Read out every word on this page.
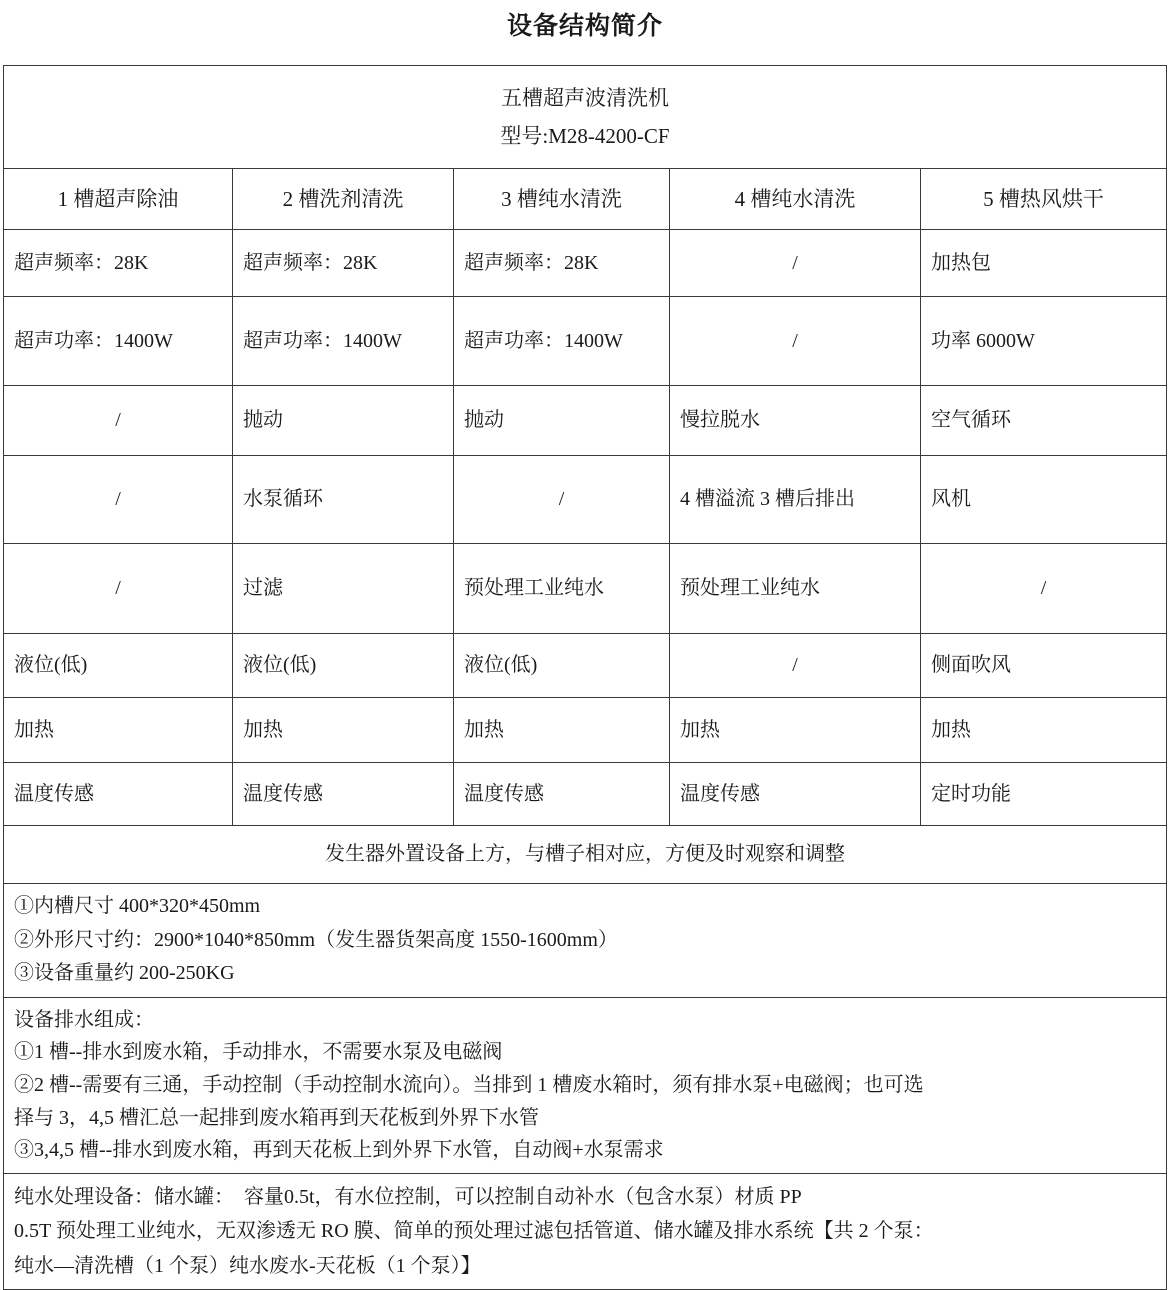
设备结构简介
五槽超声波清洗机
型号:M28-4200-CF				

1 槽超声除油	2 槽洗剂清洗	3 槽纯水清洗	4 槽纯水清洗	5 槽热风烘干
超声频率：28K	超声频率：28K	超声频率：28K	/	加热包
超声功率：1400W	超声功率：1400W	超声功率：1400W	/	功率 6000W
/	抛动	抛动	慢拉脱水	空气循环
/	水泵循环	/	4 槽溢流 3 槽后排出	风机
/	过滤	预处理工业纯水	预处理工业纯水	/
液位(低)	液位(低)	液位(低)	/	侧面吹风
加热	加热	加热	加热	加热
温度传感	温度传感	温度传感	温度传感	定时功能
发生器外置设备上方，与槽子相对应，方便及时观察和调整				

①内槽尺寸 400*320*450mm
②外形尺寸约：2900*1040*850mm（发生器货架高度 1550-1600mm）
③设备重量约 200-250KG				

设备排水组成：
①1 槽--排水到废水箱，手动排水，不需要水泵及电磁阀
②2 槽--需要有三通，手动控制（手动控制水流向）。当排到 1 槽废水箱时，须有排水泵+电磁阀；也可选
择与 3，4,5 槽汇总一起排到废水箱再到天花板到外界下水管
③3,4,5 槽--排水到废水箱，再到天花板上到外界下水管，自动阀+水泵需求				

纯水处理设备：储水罐：  容量0.5t，有水位控制，可以控制自动补水（包含水泵）材质 PP
0.5T 预处理工业纯水，无双渗透无 RO 膜、简单的预处理过滤包括管道、储水罐及排水系统【共 2 个泵：
纯水—清洗槽（1 个泵）纯水废水-天花板（1 个泵）】				
